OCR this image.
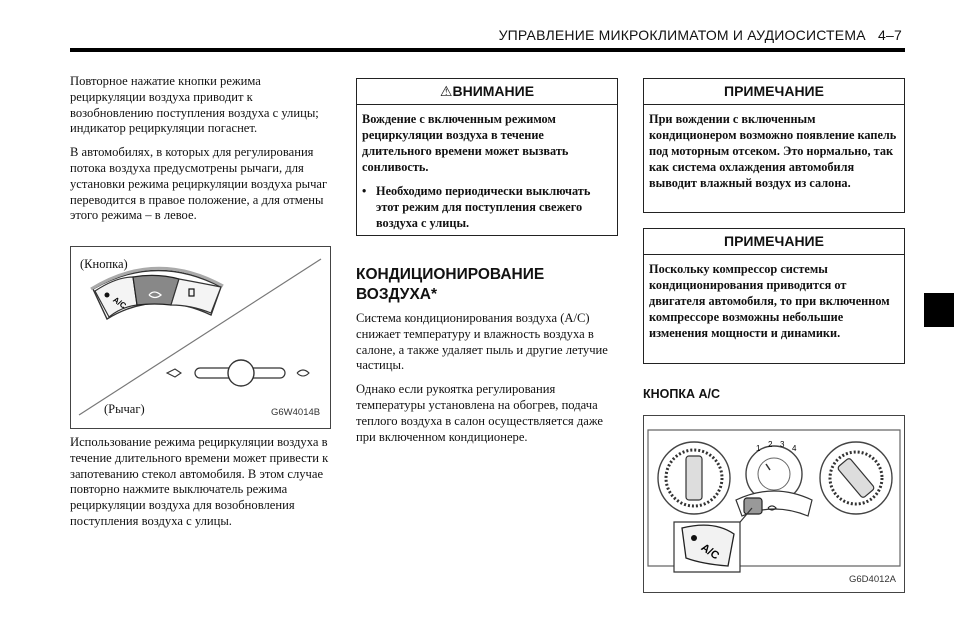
УПРАВЛЕНИЕ МИКРОКЛИМАТОМ И АУДИОСИСТЕМА 4–7

Повторное нажатие кнопки режима рециркуляции воздуха приводит к возобновлению поступления воздуха с улицы; индикатор рециркуляции погаснет.

В автомобилях, в которых для регулирования потока воздуха предусмотрены рычаги, для установки режима рециркуляции воздуха рычаг переводится в правое положение, а для отмены этого режима – в левое.

(Кнопка)
(Рычаг)	G6W4014B
A/C

Использование режима рециркуляции воздуха в течение длительного времени может привести к запотеванию стекол автомобиля. В этом случае повторно нажмите выключатель режима рециркуляции воздуха для возобновления поступления воздуха с улицы.

⚠ВНИМАНИЕ
Вождение с включенным режимом рециркуляции воздуха в течение длительного времени может вызвать сонливость.
• Необходимо периодически выключать этот режим для поступления свежего воздуха с улицы.
КОНДИЦИОНИРОВАНИЕ ВОЗДУХА*

Система кондиционирования воздуха (A/C) снижает температуру и влажность воздуха в салоне, а также удаляет пыль и другие летучие частицы.

Однако если рукоятка регулирования температуры установлена на обогрев, подача теплого воздуха в салон осуществляется даже при включенном кондиционере.

ПРИМЕЧАНИЕ
При вождении с включенным кондиционером возможно появление капель под моторным отсеком. Это нормально, так как система охлаждения автомобиля выводит влажный воздух из салона.
ПРИМЕЧАНИЕ
Поскольку компрессор системы кондиционирования приводится от двигателя автомобиля, то при включенном компрессоре возможны небольшие изменения мощности и динамики.
КНОПКА A/C
G6D4012A
1 2 3 4
A/C
